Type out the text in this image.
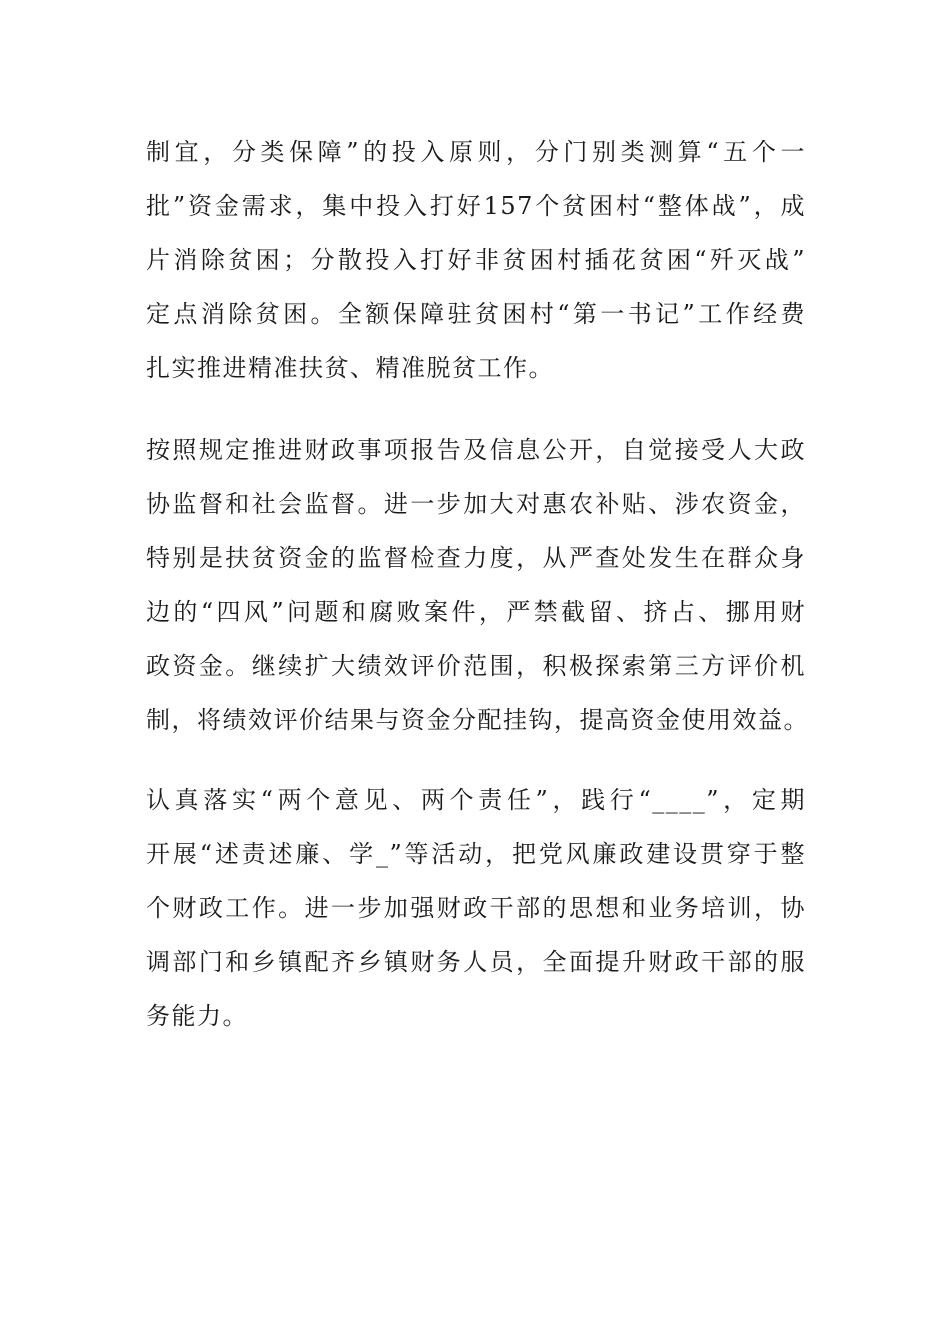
制宜，分类保障”的投入原则，分门别类测算“五个一
批”资金需求，集中投入打好157个贫困村“整体战”，成
片消除贫困；分散投入打好非贫困村插花贫困“歼灭战”
定点消除贫困。全额保障驻贫困村“第一书记”工作经费
扎实推进精准扶贫、精准脱贫工作。

按照规定推进财政事项报告及信息公开，自觉接受人大政
协监督和社会监督。进一步加大对惠农补贴、涉农资金，
特别是扶贫资金的监督检查力度，从严查处发生在群众身
边的“四风”问题和腐败案件，严禁截留、挤占、挪用财
政资金。继续扩大绩效评价范围，积极探索第三方评价机
制，将绩效评价结果与资金分配挂钩，提高资金使用效益。

认真落实“两个意见、两个责任”，践行“____”，定期
开展“述责述廉、学_”等活动，把党风廉政建设贯穿于整
个财政工作。进一步加强财政干部的思想和业务培训，协
调部门和乡镇配齐乡镇财务人员，全面提升财政干部的服
务能力。
